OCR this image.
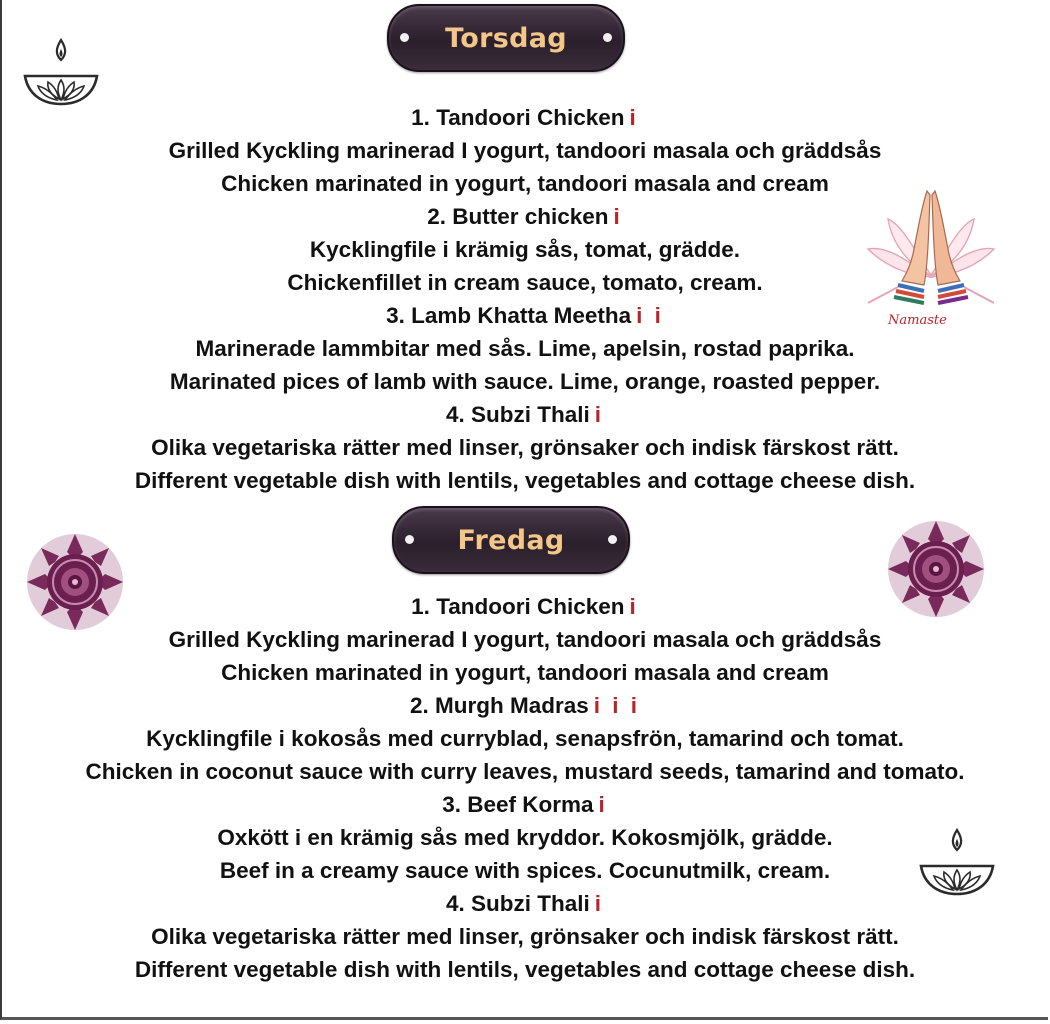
Torsdag
1. Tandoori Chicken i
Grilled Kyckling marinerad I yogurt, tandoori masala och gräddsås
Chicken marinated in yogurt, tandoori masala and cream
2. Butter chicken i
Kycklingfile i krämig sås, tomat, grädde.
Chickenfillet in cream sauce, tomato, cream.
3. Lamb Khatta Meetha i i
Marinerade lammbitar med sås. Lime, apelsin, rostad paprika.
Marinated pices of lamb with sauce. Lime, orange, roasted pepper.
4. Subzi Thali i
Olika vegetariska rätter med linser, grönsaker och indisk färskost rätt.
Different vegetable dish with lentils, vegetables and cottage cheese dish.
Fredag
1. Tandoori Chicken i
Grilled Kyckling marinerad I yogurt, tandoori masala och gräddsås
Chicken marinated in yogurt, tandoori masala and cream
2. Murgh Madras i i i
Kycklingfile i kokosås med curryblad, senapsfrön, tamarind och tomat.
Chicken in coconut sauce with curry leaves, mustard seeds, tamarind and tomato.
3. Beef Korma i
Oxkött i en krämig sås med kryddor. Kokosmjölk, grädde.
Beef in a creamy sauce with spices. Cocunutmilk, cream.
4. Subzi Thali i
Olika vegetariska rätter med linser, grönsaker och indisk färskost rätt.
Different vegetable dish with lentils, vegetables and cottage cheese dish.
Namaste
